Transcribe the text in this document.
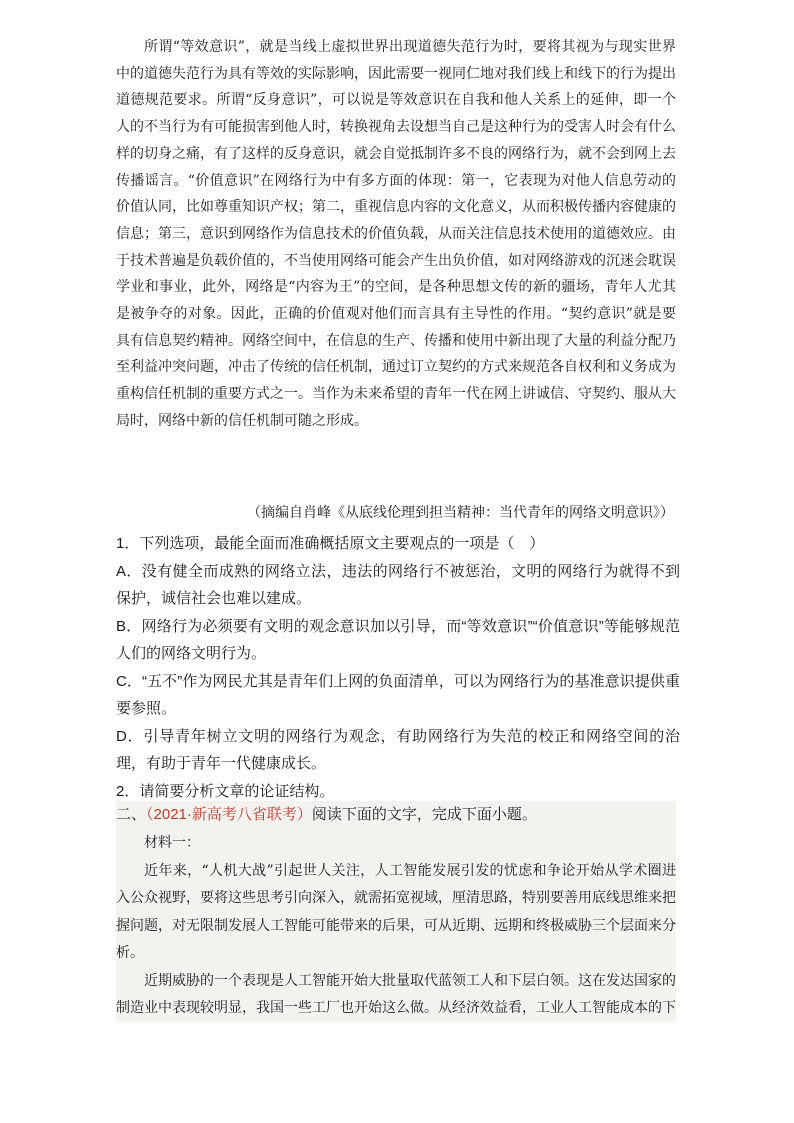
所谓“等效意识”，就是当线上虚拟世界出现道德失范行为时，要将其视为与现实世界中的道德失范行为具有等效的实际影响，因此需要一视同仁地对我们线上和线下的行为提出道德规范要求。所谓“反身意识”，可以说是等效意识在自我和他人关系上的延伸，即一个人的不当行为有可能损害到他人时，转换视角去设想当自己是这种行为的受害人时会有什么样的切身之痛，有了这样的反身意识，就会自觉抵制许多不良的网络行为，就不会到网上去传播谣言。“价值意识”在网络行为中有多方面的体现：第一，它表现为对他人信息劳动的价值认同，比如尊重知识产权；第二，重视信息内容的文化意义，从而积极传播内容健康的信息；第三，意识到网络作为信息技术的价值负载，从而关注信息技术使用的道德效应。由于技术普遍是负载价值的，不当使用网络可能会产生出负价值，如对网络游戏的沉迷会耽误学业和事业，此外，网络是“内容为王”的空间，是各种思想文传的新的疆场，青年人尤其是被争夺的对象。因此，正确的价值观对他们而言具有主导性的作用。“契约意识”就是要具有信息契约精神。网络空间中，在信息的生产、传播和使用中新出现了大量的利益分配乃至利益冲突问题，冲击了传统的信任机制，通过订立契约的方式来规范各自权利和义务成为重构信任机制的重要方式之一。当作为未来希望的青年一代在网上讲诚信、守契约、服从大局时，网络中新的信任机制可随之形成。

（摘编自肖峰《从底线伦理到担当精神：当代青年的网络文明意识》）
1．下列选项，最能全面而准确概括原文主要观点的一项是（　）
A．没有健全而成熟的网络立法，违法的网络行不被惩治，文明的网络行为就得不到保护，诚信社会也难以建成。
B．网络行为必须要有文明的观念意识加以引导，而“等效意识”“价值意识”等能够规范人们的网络文明行为。
C．“五不”作为网民尤其是青年们上网的负面清单，可以为网络行为的基准意识提供重要参照。
D．引导青年树立文明的网络行为观念，有助网络行为失范的校正和网络空间的治理，有助于青年一代健康成长。
2．请简要分析文章的论证结构。
二、（2021·新高考八省联考）阅读下面的文字，完成下面小题。

材料一：

近年来，“人机大战”引起世人关注，人工智能发展引发的忧虑和争论开始从学术圈进入公众视野，要将这些思考引向深入，就需拓宽视域，厘清思路，特别要善用底线思维来把握问题，对无限制发展人工智能可能带来的后果，可从近期、远期和终极威胁三个层面来分析。

近期威胁的一个表现是人工智能开始大批量取代蓝领工人和下层白领。这在发达国家的制造业中表现较明显，我国一些工厂也开始这么做。从经济效益看，工业人工智能成本的下
